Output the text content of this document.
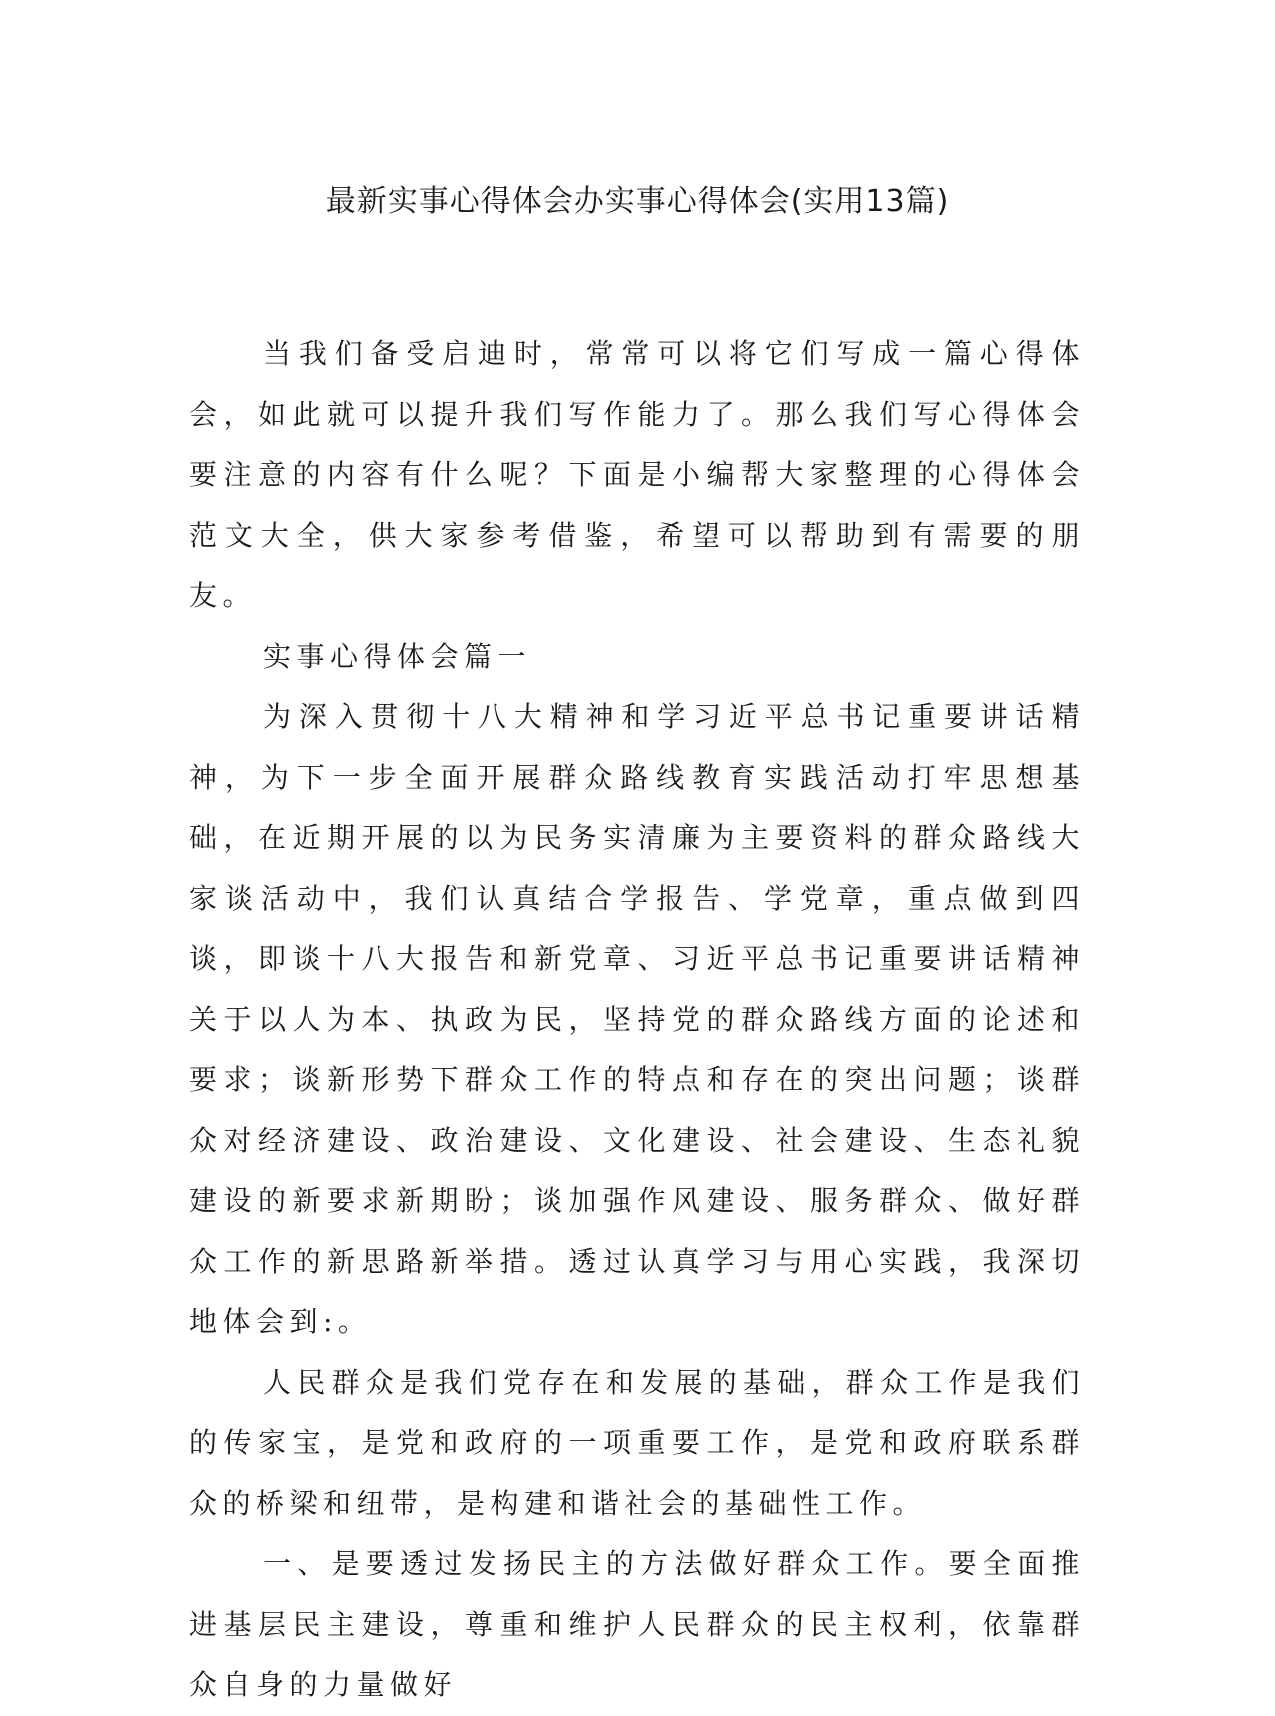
最新实事心得体会办实事心得体会(实用13篇)

当我们备受启迪时，常常可以将它们写成一篇心得体会，如此就可以提升我们写作能力了。那么我们写心得体会要注意的内容有什么呢？下面是小编帮大家整理的心得体会范文大全，供大家参考借鉴，希望可以帮助到有需要的朋友。

实事心得体会篇一

为深入贯彻十八大精神和学习近平总书记重要讲话精神，为下一步全面开展群众路线教育实践活动打牢思想基础，在近期开展的以为民务实清廉为主要资料的群众路线大家谈活动中，我们认真结合学报告、学党章，重点做到四谈，即谈十八大报告和新党章、习近平总书记重要讲话精神关于以人为本、执政为民，坚持党的群众路线方面的论述和要求；谈新形势下群众工作的特点和存在的突出问题；谈群众对经济建设、政治建设、文化建设、社会建设、生态礼貌建设的新要求新期盼；谈加强作风建设、服务群众、做好群众工作的新思路新举措。透过认真学习与用心实践，我深切地体会到:。

人民群众是我们党存在和发展的基础，群众工作是我们的传家宝，是党和政府的一项重要工作，是党和政府联系群众的桥梁和纽带，是构建和谐社会的基础性工作。

一、是要透过发扬民主的方法做好群众工作。要全面推进基层民主建设，尊重和维护人民群众的民主权利，依靠群众自身的力量做好
